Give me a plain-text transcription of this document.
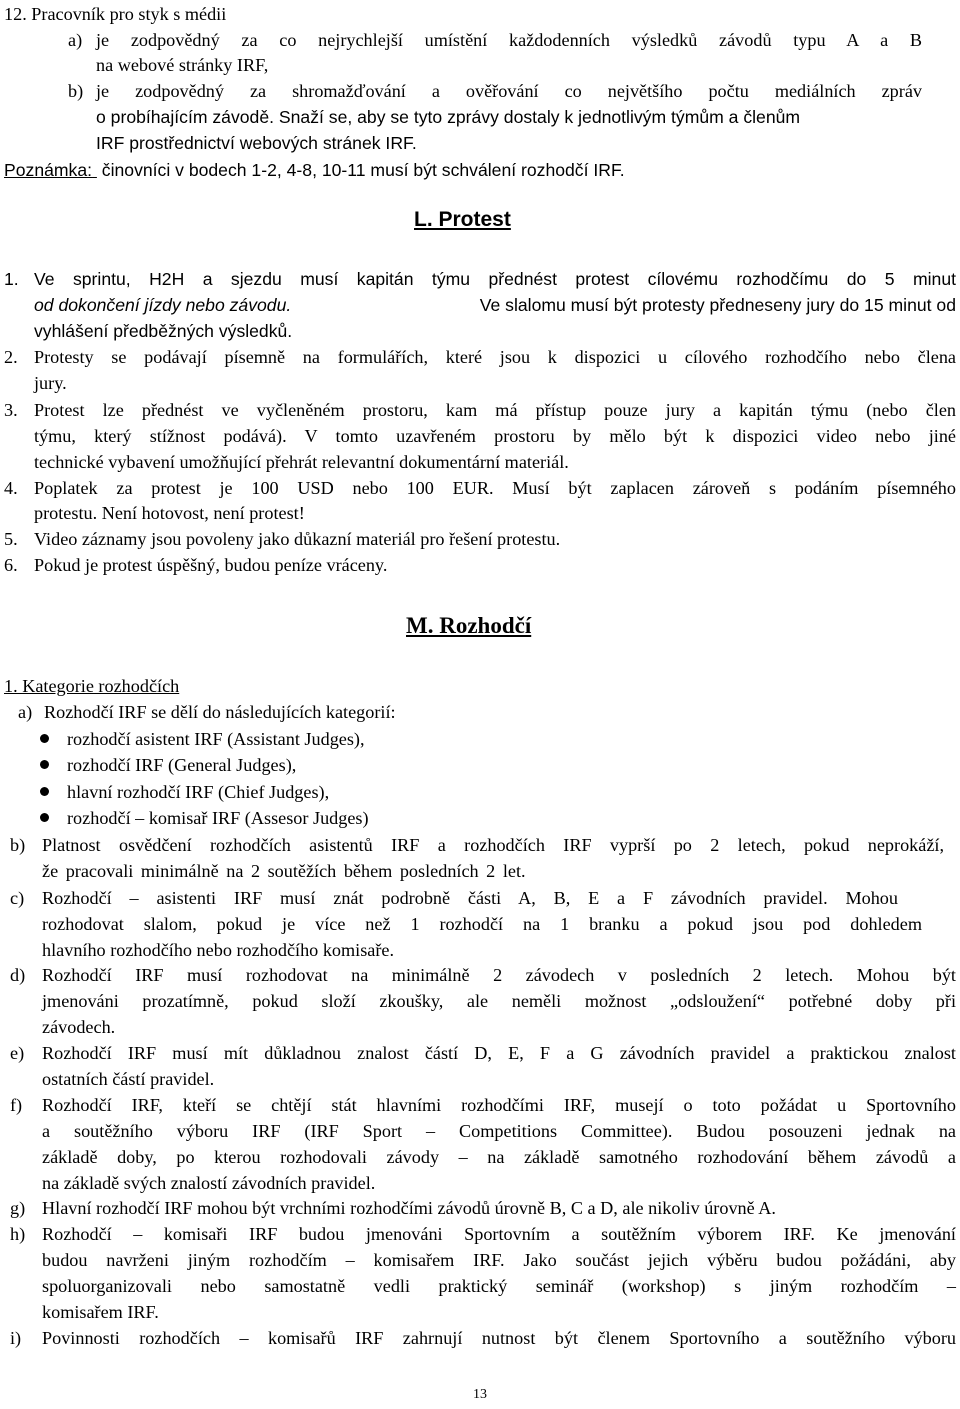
12. Pracovník pro styk s médii
a) je zodpovědný za co nejrychlejší umístění každodenních výsledků závodů typu A a B
na webové stránky IRF,
b) je zodpovědný za shromažďování a ověřování co největšího počtu mediálních zpráv
o probíhajícím závodě. Snaží se, aby se tyto zprávy dostaly k jednotlivým týmům a členům
IRF prostřednictví webových stránek IRF.
Poznámka: činovníci v bodech 1-2, 4-8, 10-11 musí být schválení rozhodčí IRF.
L. Protest
1. Ve sprintu, H2H a sjezdu musí kapitán týmu přednést protest cílovému rozhodčímu do 5 minut
od dokončení jízdy nebo závodu.	Ve slalomu musí být protesty předneseny jury do 15 minut od
vyhlášení předběžných výsledků.
2. Protesty se podávají písemně na formulářích, které jsou k dispozici u cílového rozhodčího nebo člena
jury.
3. Protest lze přednést ve vyčleněném prostoru, kam má přístup pouze jury a kapitán týmu (nebo člen
týmu, který stížnost podává). V tomto uzavřeném prostoru by mělo být k dispozici video nebo jiné
technické vybavení umožňující přehrát relevantní dokumentární materiál.
4. Poplatek za protest je 100 USD nebo 100 EUR. Musí být zaplacen zároveň s podáním písemného
protestu. Není hotovost, není protest!
5. Video záznamy jsou povoleny jako důkazní materiál pro řešení protestu.
6. Pokud je protest úspěšný, budou peníze vráceny.
M. Rozhodčí
1. Kategorie rozhodčích
a) Rozhodčí IRF se dělí do následujících kategorií:
rozhodčí asistent IRF (Assistant Judges),
rozhodčí IRF (General Judges),
hlavní rozhodčí IRF (Chief Judges),
rozhodčí – komisař IRF (Assesor Judges)
b) Platnost osvědčení rozhodčích asistentů IRF a rozhodčích IRF vyprší po 2 letech, pokud neprokáží,
že pracovali minimálně na 2 soutěžích během posledních 2 let.
c) Rozhodčí – asistenti IRF musí znát podrobně části A, B, E a F závodních pravidel. Mohou
rozhodovat slalom, pokud je více než 1 rozhodčí na 1 branku a pokud jsou pod dohledem
hlavního rozhodčího nebo rozhodčího komisaře.
d) Rozhodčí IRF musí rozhodovat na minimálně 2 závodech v posledních 2 letech. Mohou být
jmenováni prozatímně, pokud složí zkoušky, ale neměli možnost „odsloužení“ potřebné doby při
závodech.
e) Rozhodčí IRF musí mít důkladnou znalost částí D, E, F a G závodních pravidel a praktickou znalost
ostatních částí pravidel.
f) Rozhodčí IRF, kteří se chtějí stát hlavními rozhodčími IRF, musejí o toto požádat u Sportovního
a soutěžního výboru IRF (IRF Sport – Competitions Committee). Budou posouzeni jednak na
základě doby, po kterou rozhodovali závody – na základě samotného rozhodování během závodů a
na základě svých znalostí závodních pravidel.
g) Hlavní rozhodčí IRF mohou být vrchními rozhodčími závodů úrovně B, C a D, ale nikoliv úrovně A.
h) Rozhodčí – komisaři IRF budou jmenováni Sportovním a soutěžním výborem IRF. Ke jmenování
budou navrženi jiným rozhodčím – komisařem IRF. Jako součást jejich výběru budou požádáni, aby
spoluorganizovali nebo samostatně vedli praktický seminář (workshop) s jiným rozhodčím –
komisařem IRF.
i) Povinnosti rozhodčích – komisařů IRF zahrnují nutnost být členem Sportovního a soutěžního výboru
13
